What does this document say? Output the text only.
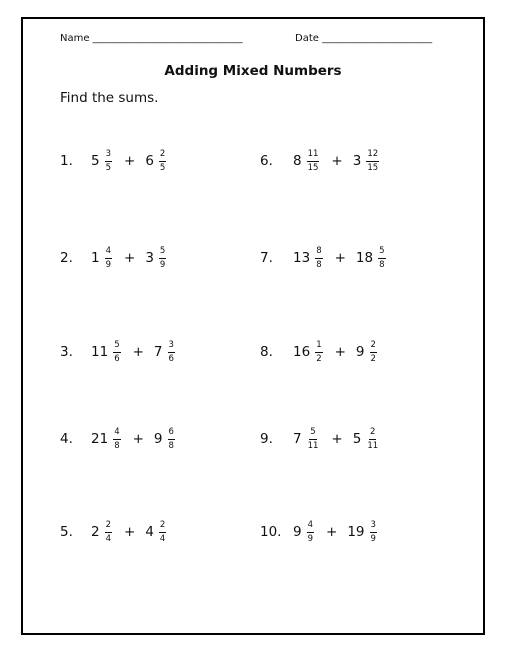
Name ______________________________	Date ______________________
Adding Mixed Numbers
Find the sums.
1.	$5 \frac{3}{5} + 6 \frac{2}{5}$
2.	$1 \frac{4}{9} + 3 \frac{5}{9}$
3.	$11 \frac{5}{6} + 7 \frac{3}{6}$
4.	$21 \frac{4}{8} + 9 \frac{6}{8}$
5.	$2 \frac{2}{4} + 4 \frac{2}{4}$
6.	$8 \frac{11}{15} + 3 \frac{12}{15}$
7.	$13 \frac{8}{8} + 18 \frac{5}{8}$
8.	$16 \frac{1}{2} + 9 \frac{2}{2}$
9.	$7 \frac{5}{11} + 5 \frac{2}{11}$
10. $9 \frac{4}{9} + 19 \frac{3}{9}$
